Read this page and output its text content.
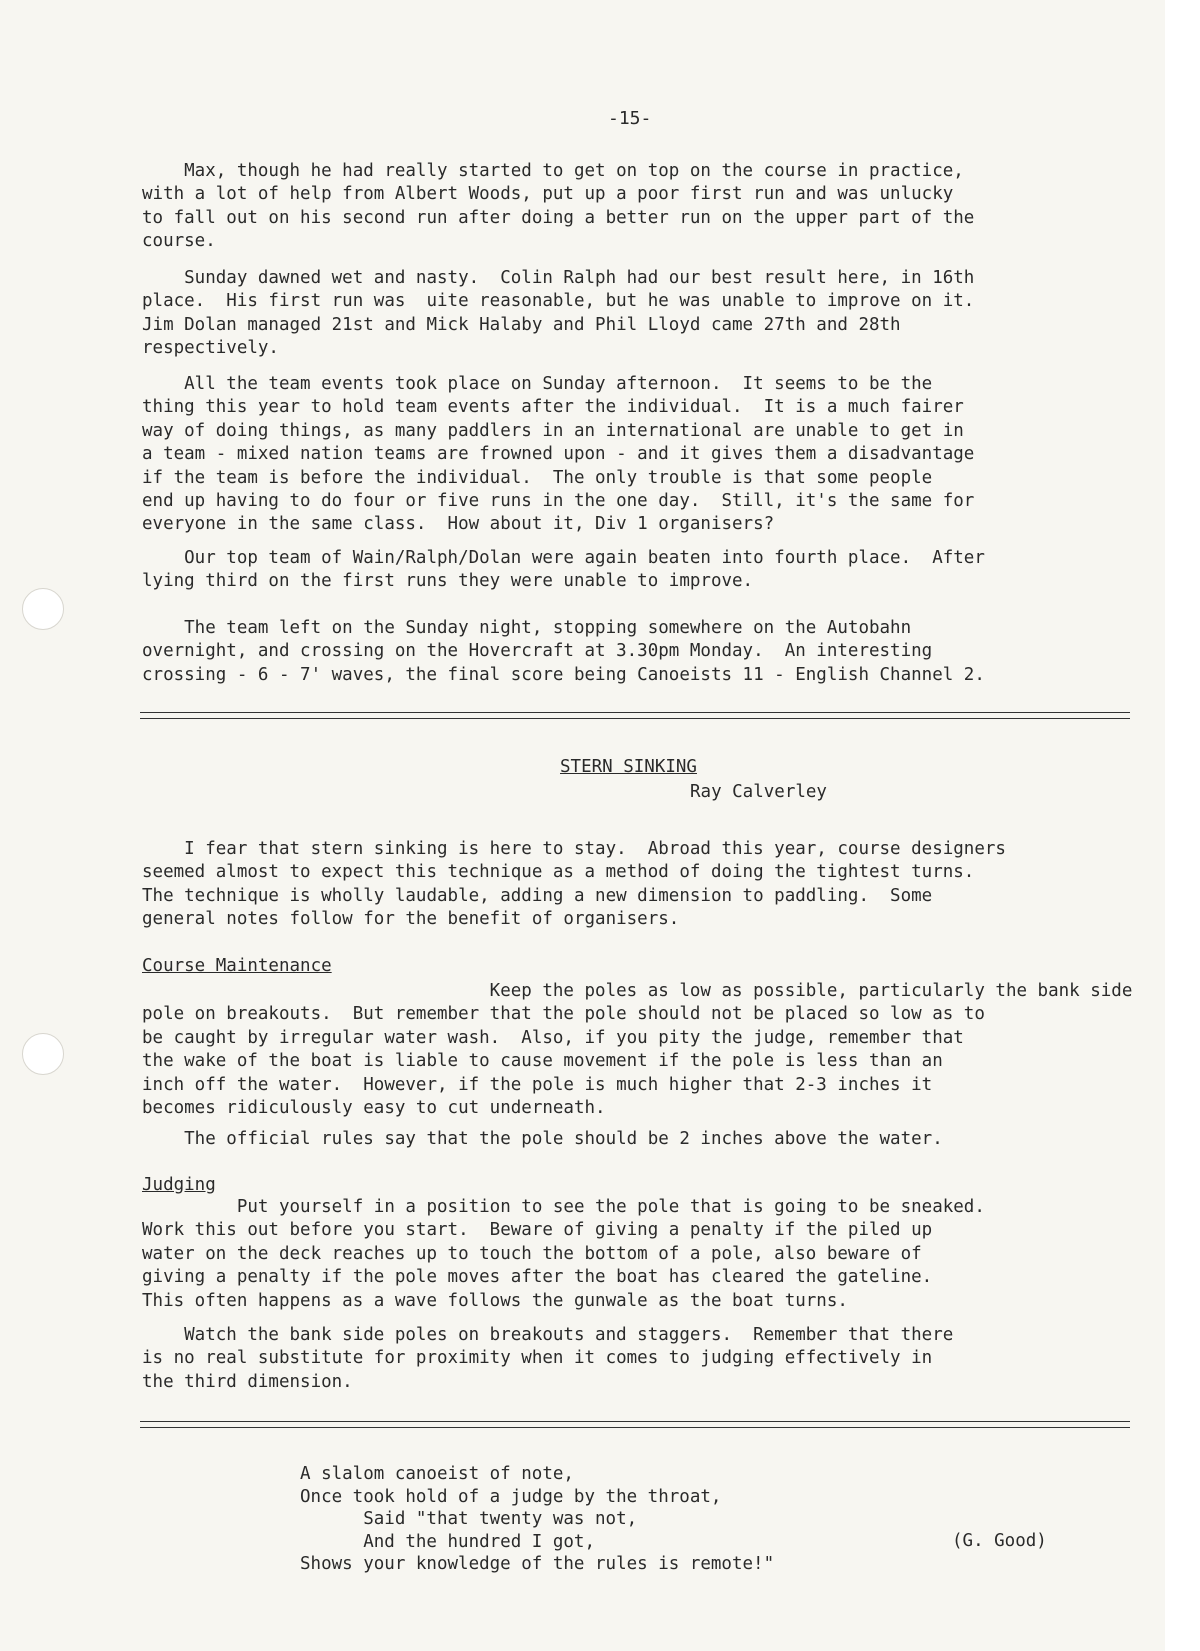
-15-

Max, though he had really started to get on top on the course in practice,

with a lot of help from Albert Woods, put up a poor first run and was unlucky

to fall out on his second run after doing a better run on the upper part of the

course.

Sunday dawned wet and nasty.  Colin Ralph had our best result here, in 16th

place.  His first run was  uite reasonable, but he was unable to improve on it.

Jim Dolan managed 21st and Mick Halaby and Phil Lloyd came 27th and 28th

respectively.

All the team events took place on Sunday afternoon.  It seems to be the

thing this year to hold team events after the individual.  It is a much fairer

way of doing things, as many paddlers in an international are unable to get in

a team - mixed nation teams are frowned upon - and it gives them a disadvantage

if the team is before the individual.  The only trouble is that some people

end up having to do four or five runs in the one day.  Still, it's the same for

everyone in the same class.  How about it, Div 1 organisers?

Our top team of Wain/Ralph/Dolan were again beaten into fourth place.  After

lying third on the first runs they were unable to improve.

The team left on the Sunday night, stopping somewhere on the Autobahn

overnight, and crossing on the Hovercraft at 3.30pm Monday.  An interesting

crossing - 6 - 7' waves, the final score being Canoeists 11 - English Channel 2.

STERN SINKING
Ray Calverley

I fear that stern sinking is here to stay.  Abroad this year, course designers

seemed almost to expect this technique as a method of doing the tightest turns.

The technique is wholly laudable, adding a new dimension to paddling.  Some

general notes follow for the benefit of organisers.

Course Maintenance

Keep the poles as low as possible, particularly the bank side

pole on breakouts.  But remember that the pole should not be placed so low as to

be caught by irregular water wash.  Also, if you pity the judge, remember that

the wake of the boat is liable to cause movement if the pole is less than an

inch off the water.  However, if the pole is much higher that 2-3 inches it

becomes ridiculously easy to cut underneath.

The official rules say that the pole should be 2 inches above the water.

Judging

Put yourself in a position to see the pole that is going to be sneaked.

Work this out before you start.  Beware of giving a penalty if the piled up

water on the deck reaches up to touch the bottom of a pole, also beware of

giving a penalty if the pole moves after the boat has cleared the gateline.

This often happens as a wave follows the gunwale as the boat turns.

Watch the bank side poles on breakouts and staggers.  Remember that there

is no real substitute for proximity when it comes to judging effectively in

the third dimension.

A slalom canoeist of note,

Once took hold of a judge by the throat,

Said "that twenty was not,

And the hundred I got,

Shows your knowledge of the rules is remote!"

(G. Good)
